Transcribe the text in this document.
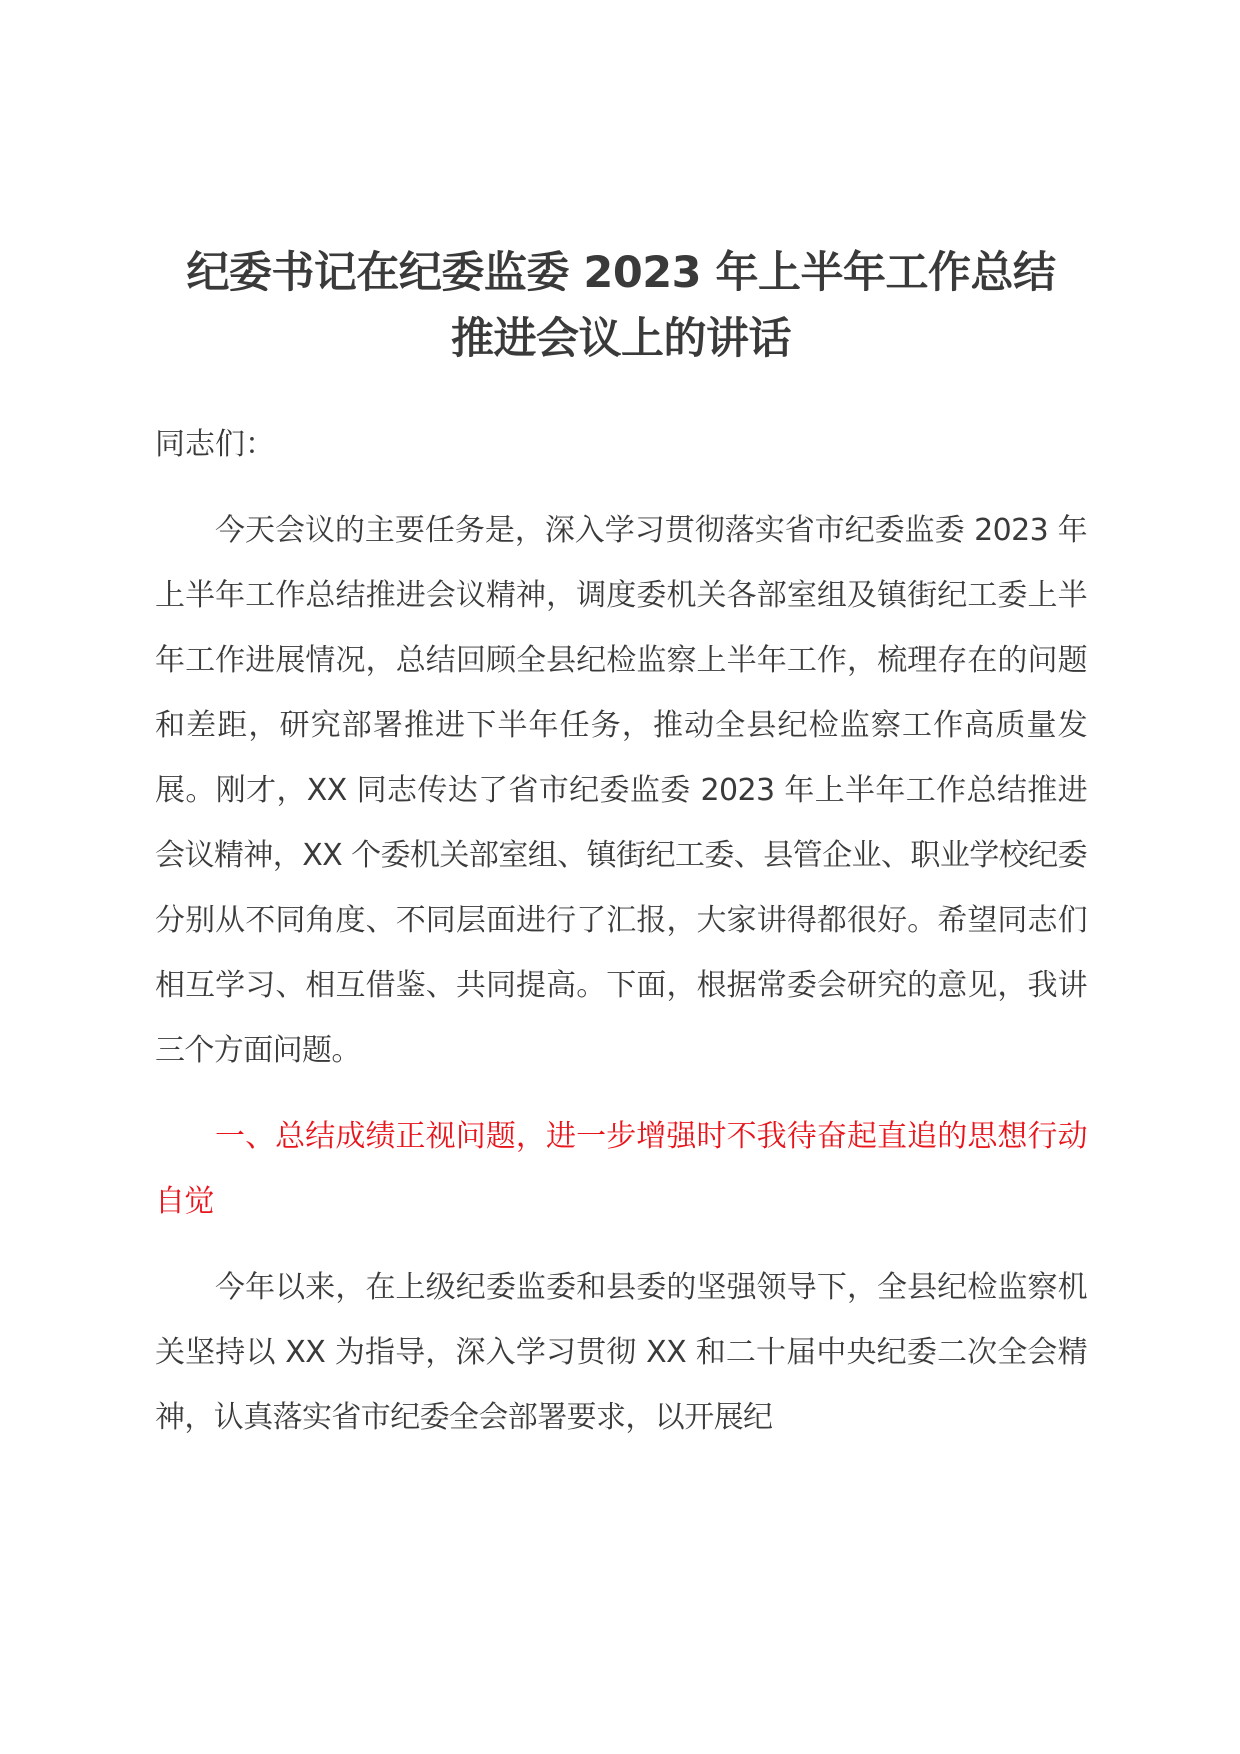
纪委书记在纪委监委 2023 年上半年工作总结
推进会议上的讲话

同志们：

今天会议的主要任务是，深入学习贯彻落实省市纪委监委 2023 年上半年工作总结推进会议精神，调度委机关各部室组及镇街纪工委上半年工作进展情况，总结回顾全县纪检监察上半年工作，梳理存在的问题和差距，研究部署推进下半年任务，推动全县纪检监察工作高质量发展。刚才，XX 同志传达了省市纪委监委 2023 年上半年工作总结推进会议精神，XX 个委机关部室组、镇街纪工委、县管企业、职业学校纪委分别从不同角度、不同层面进行了汇报，大家讲得都很好。希望同志们相互学习、相互借鉴、共同提高。下面，根据常委会研究的意见，我讲三个方面问题。

一、总结成绩正视问题，进一步增强时不我待奋起直追的思想行动自觉

今年以来，在上级纪委监委和县委的坚强领导下，全县纪检监察机关坚持以 XX 为指导，深入学习贯彻 XX 和二十届中央纪委二次全会精神，认真落实省市纪委全会部署要求，以开展纪
